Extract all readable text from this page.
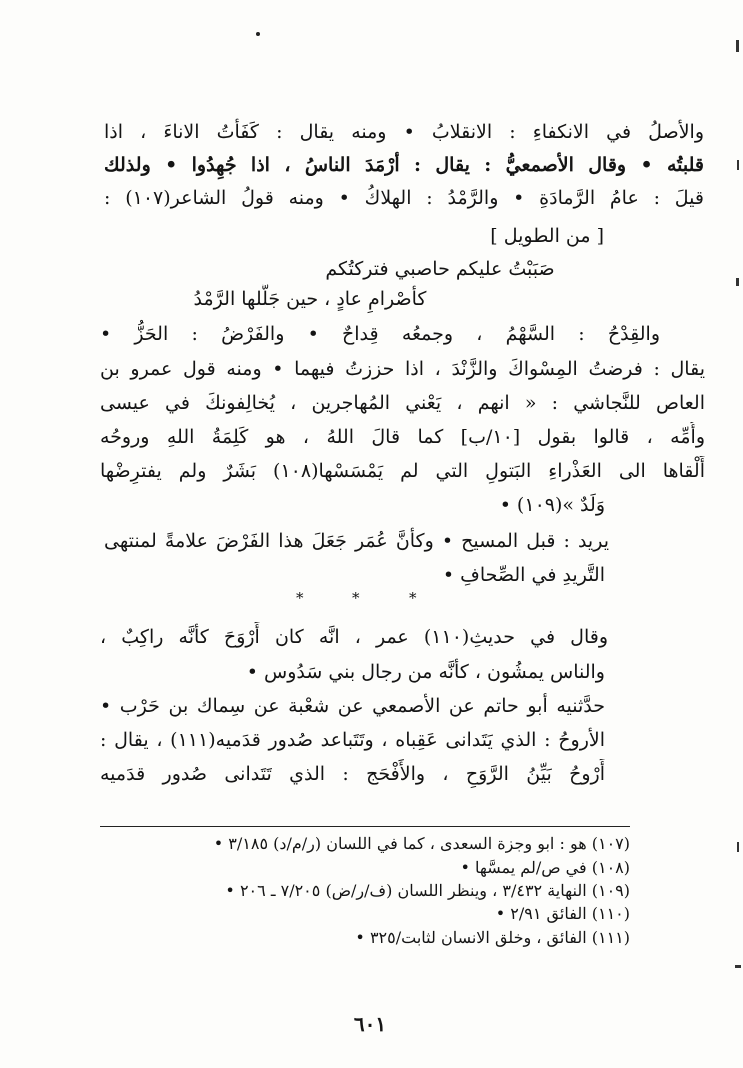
والأصلُ في الانكفاءِ : الانقلابُ • ومنه يقال : كَفَأتُ الاناءَ ، اذا
قلبتُه • وقال الأصمعيُّ : يقال : أرْمَدَ الناسُ ، اذا جُهِدُوا • ولذلك
قيلَ : عامُ الرَّمادَةِ • والرَّمْدُ : الهلاكُ • ومنه قولُ الشاعر(١٠٧) :
[ من الطويل ]
صَبَبْتُ عليكم حاصبي فتركتُكم
كأصْرامِ عادٍ ، حين جَلَّلها الرَّمْدُ
والقِدْحُ : السَّهْمُ ، وجمعُه قِداحٌ • والفَرْضُ : الحَزُّ •
يقال : فرضتُ المِسْواكَ والزَّنْدَ ، اذا حززتُ فيهما • ومنه قول عمرو بن
العاص للنَّجاشي : « انهم ، يَعْني المُهاجرين ، يُخالِفونكَ في عيسى
وأُمِّه ، قالوا بقول [١٠/ب] كما قالَ اللهُ ، هو كَلِمَةُ اللهِ وروحُه
أَلْقاها الى العَذْراءِ البَتولِ التي لم يَمْسَسْها(١٠٨) بَشَرٌ ولم يفترِضْها
وَلَدٌ »(١٠٩) •
يريد : قبل المسيح • وكأنَّ عُمَر جَعَلَ هذا الفَرْضَ علامةً لمنتهى
التَّريدِ في الصِّحافِ •
*	*	*
وقال في حديثِ(١١٠) عمر ، انَّه كان أَرْوَحَ كأنَّه راكِبٌ ،
والناس يمشُون ، كأنَّه من رجال بني سَدُوس •
حدَّثنيه أبو حاتم عن الأصمعي عن شعْبة عن سِماك بن حَرْب •
الأروحُ : الذي يَتَدانى عَقِباه ، وتَتَباعد صُدور قدَميه(١١١) ، يقال :
أَرْوحُ بَيِّنُ الرَّوَحِ ، والأَفْحَج : الذي تَتَدانى صُدور قدَميه
(١٠٧) هو : ابو وجزة السعدى ، كما في اللسان (ر/م/د) ٣/١٨٥ •
(١٠٨) في ص/لم يمسَّها •
(١٠٩) النهاية ٣/٤٣٢ ، وينظر اللسان (ف/ر/ض) ٧/٢٠٥ ـ ٢٠٦ •
(١١٠) الفائق ٢/٩١ •
(١١١) الفائق ، وخلق الانسان لثابت/٣٢٥ •
٦٠١
